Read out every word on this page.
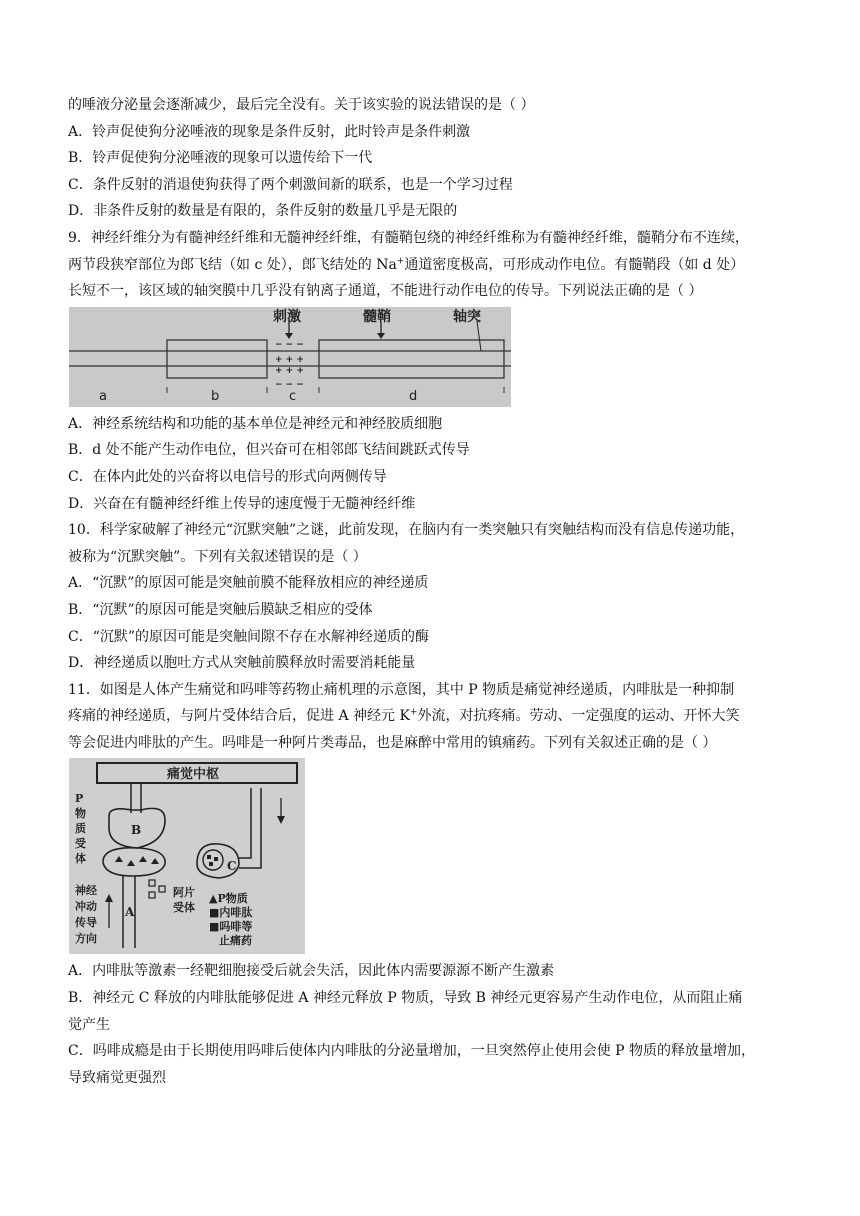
的唾液分泌量会逐渐减少，最后完全没有。关于该实验的说法错误的是（ ）
A．铃声促使狗分泌唾液的现象是条件反射，此时铃声是条件刺激
B．铃声促使狗分泌唾液的现象可以遗传给下一代
C．条件反射的消退使狗获得了两个刺激间新的联系，也是一个学习过程
D．非条件反射的数量是有限的，条件反射的数量几乎是无限的
9．神经纤维分为有髓神经纤维和无髓神经纤维，有髓鞘包绕的神经纤维称为有髓神经纤维，髓鞘分布不连续，
两节段狭窄部位为郎飞结（如 c 处），郎飞结处的 Na+通道密度极高，可形成动作电位。有髓鞘段（如 d 处）
长短不一，该区域的轴突膜中几乎没有钠离子通道，不能进行动作电位的传导。下列说法正确的是（ ）
− − −
+ + +
+ + +
− − −
刺激	髓鞘	轴突
a	b	c	d
A．神经系统结构和功能的基本单位是神经元和神经胶质细胞
B．d 处不能产生动作电位，但兴奋可在相邻郎飞结间跳跃式传导
C．在体内此处的兴奋将以电信号的形式向两侧传导
D．兴奋在有髓神经纤维上传导的速度慢于无髓神经纤维
10．科学家破解了神经元“沉默突触”之谜，此前发现，在脑内有一类突触只有突触结构而没有信息传递功能，
被称为“沉默突触”。下列有关叙述错误的是（ ）
A．“沉默”的原因可能是突触前膜不能释放相应的神经递质
B．“沉默”的原因可能是突触后膜缺乏相应的受体
C．“沉默”的原因可能是突触间隙不存在水解神经递质的酶
D．神经递质以胞吐方式从突触前膜释放时需要消耗能量
11．如图是人体产生痛觉和吗啡等药物止痛机理的示意图，其中 P 物质是痛觉神经递质，内啡肽是一种抑制
疼痛的神经递质，与阿片受体结合后，促进 A 神经元 K+外流，对抗疼痛。劳动、一定强度的运动、开怀大笑
等会促进内啡肽的产生。吗啡是一种阿片类毒品，也是麻醉中常用的镇痛药。下列有关叙述正确的是（ ）
痛觉中枢
B
P
物
质
受
体
A
神经
冲动
传导
方向
阿片
受体
C
▲P物质
■内啡肽
■吗啡等
止痛药
A．内啡肽等激素一经靶细胞接受后就会失活，因此体内需要源源不断产生激素
B．神经元 C 释放的内啡肽能够促进 A 神经元释放 P 物质，导致 B 神经元更容易产生动作电位，从而阻止痛
觉产生
C．吗啡成瘾是由于长期使用吗啡后使体内内啡肽的分泌量增加，一旦突然停止使用会使 P 物质的释放量增加，
导致痛觉更强烈
